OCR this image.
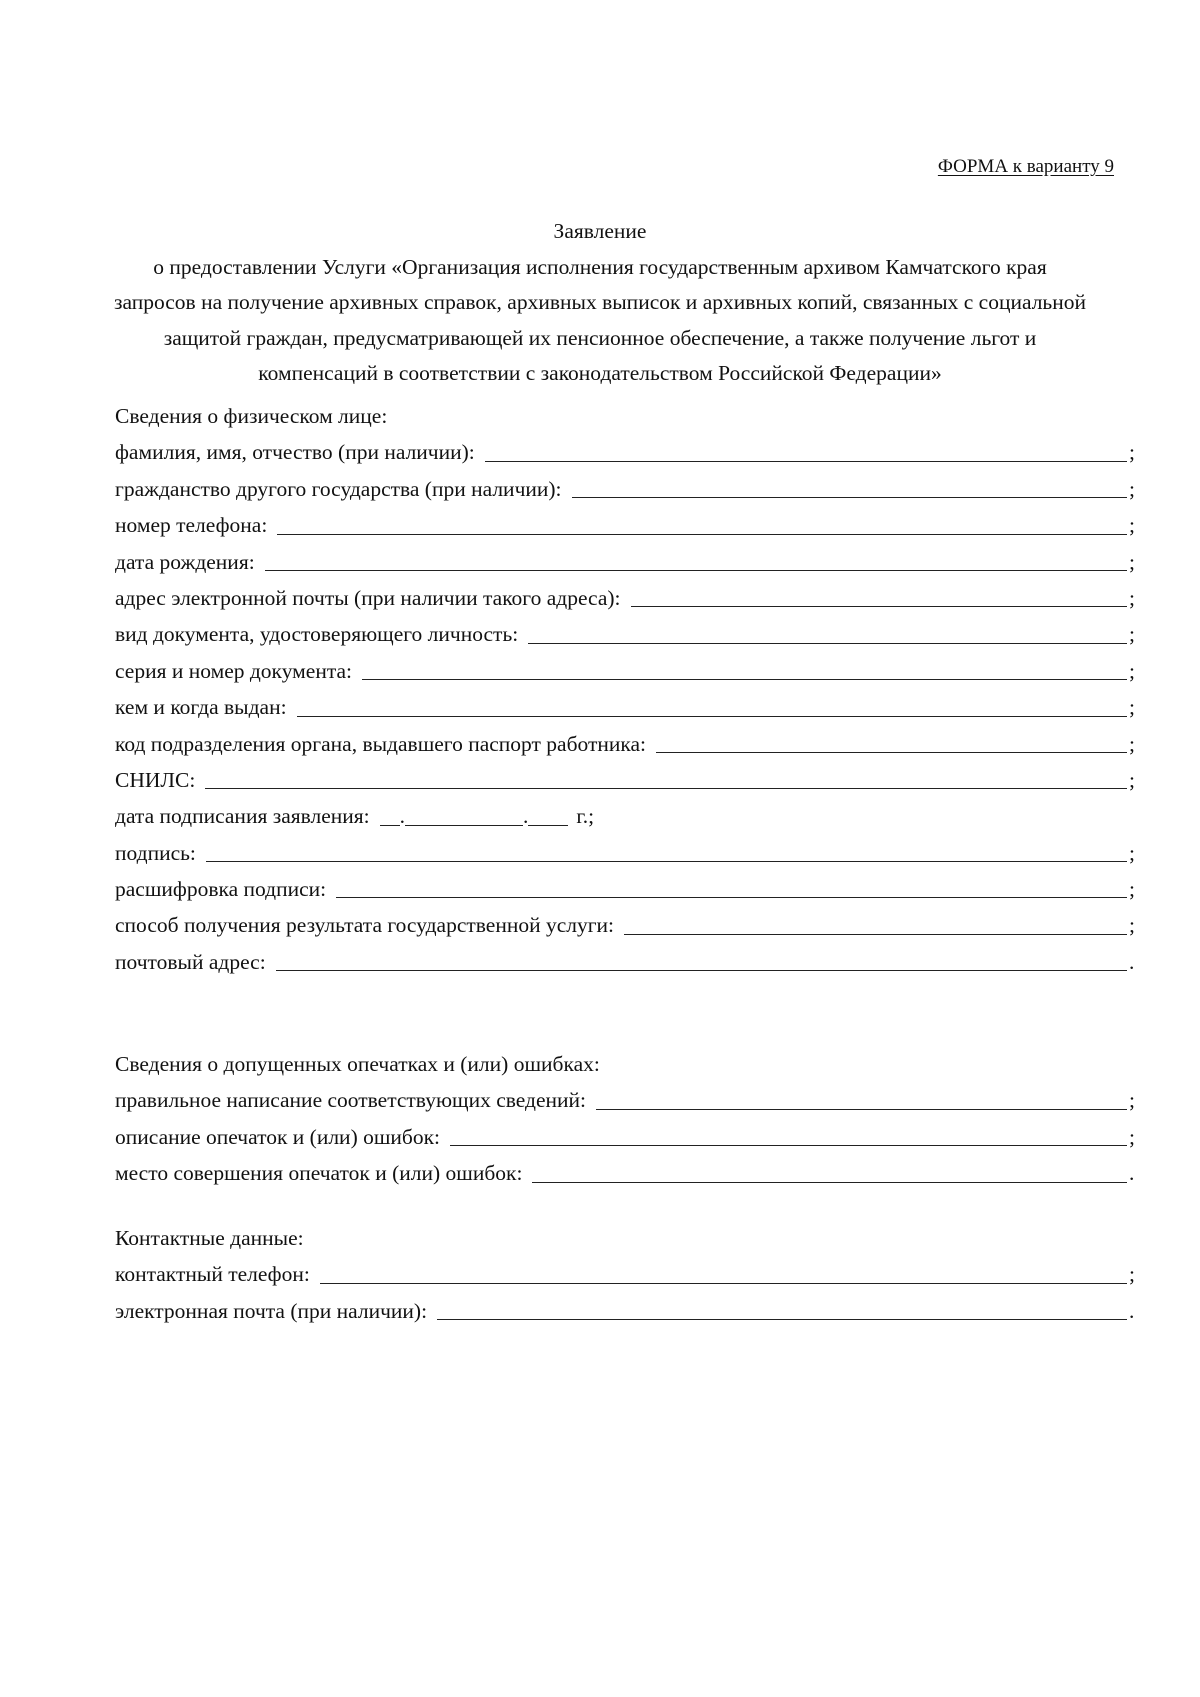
ФОРМА к варианту 9
Заявление
о предоставлении Услуги «Организация исполнения государственным архивом Камчатского края запросов на получение архивных справок, архивных выписок и архивных копий, связанных с социальной защитой граждан, предусматривающей их пенсионное обеспечение, а также получение льгот и компенсаций в соответствии с законодательством Российской Федерации»
Сведения о физическом лице:
фамилия, имя, отчество (при наличии):	;
гражданство другого государства (при наличии):	;
номер телефона:	;
дата рождения:	;
адрес электронной почты (при наличии такого адреса):	;
вид документа, удостоверяющего личность:	;
серия и номер документа:	;
кем и когда выдан:	;
код подразделения органа, выдавшего паспорт работника:	;
СНИЛС:	;
дата подписания заявления: .	. г.;
подпись:	;
расшифровка подписи:	;
способ получения результата государственной услуги:	;
почтовый адрес:	.
Сведения о допущенных опечатках и (или) ошибках:
правильное написание соответствующих сведений:	;
описание опечаток и (или) ошибок:	;
место совершения опечаток и (или) ошибок:	.
Контактные данные:
контактный телефон:	;
электронная почта (при наличии):	.
